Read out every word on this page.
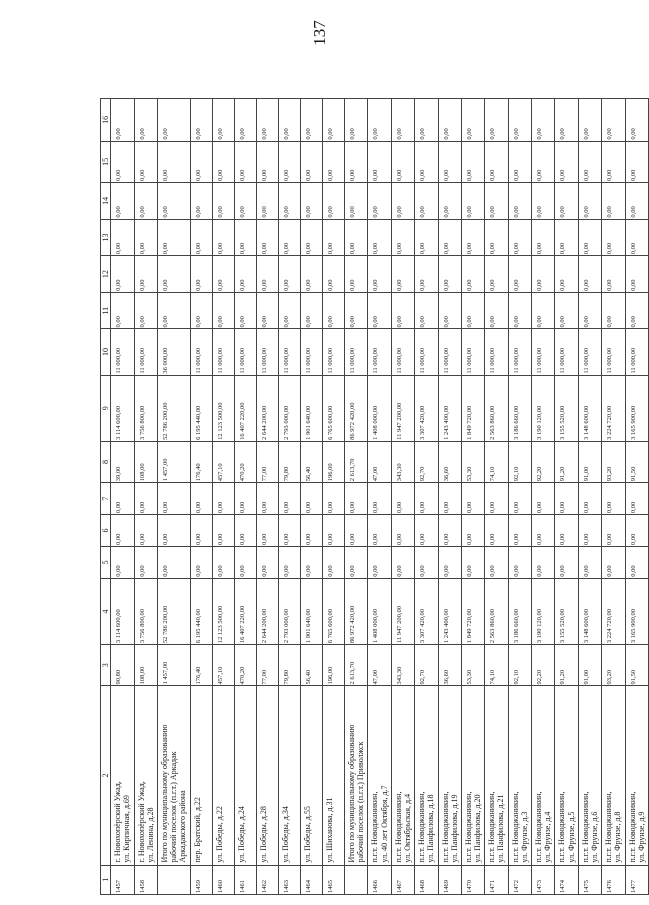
137
1	2	3	4	5	6	7	8	9	10	11	12	13	14	15	16

1457	г. Новохопёрский Ужад,
ул. Кирпичная, д.69	90,80	3 114 600,00	0,00	0,00	0,00	39,00	3 114 600,00	11 000,00	0,00	0,00	0,00	0,00	0,00	0,00

1458	г. Новохопёрский Ужад,
ул. Ленина, д.28	108,00	3 756 800,00	0,00	0,00	0,00	108,00	3 756 800,00	11 000,00	0,00	0,00	0,00	0,00	0,00	0,00

	Итого по муниципальному образованию
рабочий поселок (п.г.т.) Аркадак
Аркадакского района	1 457,00	52 786 200,00	0,00	0,00	0,00	1 457,00	52 786 200,00	36 000,00	0,00	0,00	0,00	0,00	0,00	0,00

1459	пер. Братский, д.22	176,40	6 195 440,00	0,00	0,00	0,00	176,40	6 195 440,00	11 000,00	0,00	0,00	0,00	0,00	0,00	0,00

1460	ул. Победы, д.22	457,10	12 123 500,00	0,00	0,00	0,00	457,10	12 123 500,00	11 000,00	0,00	0,00	0,00	0,00	0,00	0,00

1461	ул. Победы, д.24	470,20	16 407 220,00	0,00	0,00	0,00	470,20	16 407 220,00	11 000,00	0,00	0,00	0,00	0,00	0,00	0,00

1462	ул. Победы, д.28	77,00	2 644 200,00	0,00	0,00	0,00	77,00	2 644 200,00	11 000,00	0,00	0,00	0,00	0,00	0,00	0,00

1463	ул. Победы, д.34	79,80	2 793 000,00	0,00	0,00	0,00	79,80	2 793 000,00	11 000,00	0,00	0,00	0,00	0,00	0,00	0,00

1464	ул. Победы, д.55	56,40	1 901 640,00	0,00	0,00	0,00	56,40	1 901 640,00	11 000,00	0,00	0,00	0,00	0,00	0,00	0,00

1465	ул. Шиханова, д.31	196,00	6 765 600,00	0,00	0,00	0,00	196,00	6 765 600,00	11 000,00	0,00	0,00	0,00	0,00	0,00	0,00

	Итого по муниципальному образованию
рабочий поселок (п.г.т.) Приволжск	2 613,70	86 972 420,00	0,00	0,00	0,00	2 613,70	86 972 420,00	11 000,00	0,00	0,00	0,00	0,00	0,00	0,00

1466	п.г.т. Новоджаникин,
ул. 40 лет Октября, д.7	47,00	1 408 000,00	0,00	0,00	0,00	47,00	1 408 000,00	11 000,00	0,00	0,00	0,00	0,00	0,00	0,00

1467	п.г.т. Новоджаникин,
ул. Октябрьская, д.4	343,30	11 947 200,00	0,00	0,00	0,00	343,30	11 947 200,00	11 000,00	0,00	0,00	0,00	0,00	0,00	0,00

1468	п.г.т. Новоджаникин,
ул. Панфилова, д.18	92,70	3 307 420,00	0,00	0,00	0,00	92,70	3 307 420,00	11 000,00	0,00	0,00	0,00	0,00	0,00	0,00

1469	п.г.т. Новоджаникин,
ул. Панфилова, д.19	36,60	1 243 400,00	0,00	0,00	0,00	36,60	1 243 400,00	11 000,00	0,00	0,00	0,00	0,00	0,00	0,00

1470	п.г.т. Новоджаникин,
ул. Панфилова, д.20	53,30	1 849 720,00	0,00	0,00	0,00	53,30	1 849 720,00	11 000,00	0,00	0,00	0,00	0,00	0,00	0,00

1471	п.г.т. Новоджаникин,
ул. Панфилова, д.21	74,10	2 563 860,00	0,00	0,00	0,00	74,10	2 563 860,00	11 000,00	0,00	0,00	0,00	0,00	0,00	0,00

1472	п.г.т. Новоджаникин,
ул. Фрунзе, д.3	92,10	3 186 660,00	0,00	0,00	0,00	92,10	3 186 660,00	11 000,00	0,00	0,00	0,00	0,00	0,00	0,00

1473	п.г.т. Новоджаникин,
ул. Фрунзе, д.4	92,20	3 190 120,00	0,00	0,00	0,00	92,20	3 190 120,00	11 000,00	0,00	0,00	0,00	0,00	0,00	0,00

1474	п.г.т. Новоджаникин,
ул. Фрунзе, д.5	91,20	3 155 520,00	0,00	0,00	0,00	91,20	3 155 520,00	11 000,00	0,00	0,00	0,00	0,00	0,00	0,00

1475	п.г.т. Новоджаникин,
ул. Фрунзе, д.6	91,00	3 148 600,00	0,00	0,00	0,00	91,00	3 148 600,00	11 000,00	0,00	0,00	0,00	0,00	0,00	0,00

1476	п.г.т. Новоджаникин,
ул. Фрунзе, д.8	93,20	3 224 720,00	0,00	0,00	0,00	93,20	3 224 720,00	11 000,00	0,00	0,00	0,00	0,00	0,00	0,00

1477	п.г.т. Новоджаникин,
ул. Фрунзе, д.9	91,50	3 165 900,00	0,00	0,00	0,00	91,50	3 165 900,00	11 000,00	0,00	0,00	0,00	0,00	0,00	0,00
